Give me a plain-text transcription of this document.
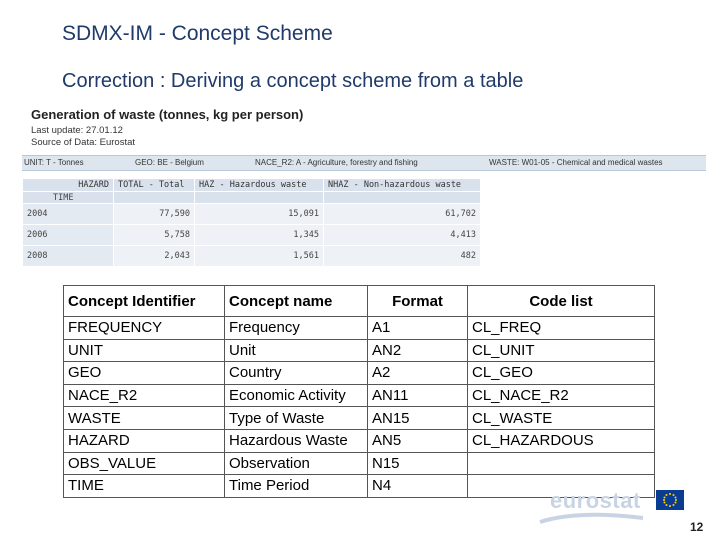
SDMX-IM - Concept Scheme
Correction : Deriving a concept scheme from a table
Generation of waste (tonnes, kg per person)
Last update: 27.01.12
Source of Data: Eurostat
UNIT: T - Tonnes	GEO: BE - Belgium	NACE_R2: A - Agriculture, forestry and fishing	WASTE: W01-05 - Chemical and medical wastes
HAZARD	TOTAL - Total	HAZ - Hazardous waste	NHAZ - Non-hazardous waste
TIME			
2004	77,590	15,091	61,702
2006	5,758	1,345	4,413
2008	2,043	1,561	482
Concept Identifier	Concept name	Format	Code list
FREQUENCY	Frequency	A1	CL_FREQ
UNIT	Unit	AN2	CL_UNIT
GEO	Country	A2	CL_GEO
NACE_R2	Economic Activity	AN11	CL_NACE_R2
WASTE	Type of Waste	AN15	CL_WASTE
HAZARD	Hazardous Waste	AN5	CL_HAZARDOUS
OBS_VALUE	Observation	N15	
TIME	Time Period	N4	
eurostat
12
